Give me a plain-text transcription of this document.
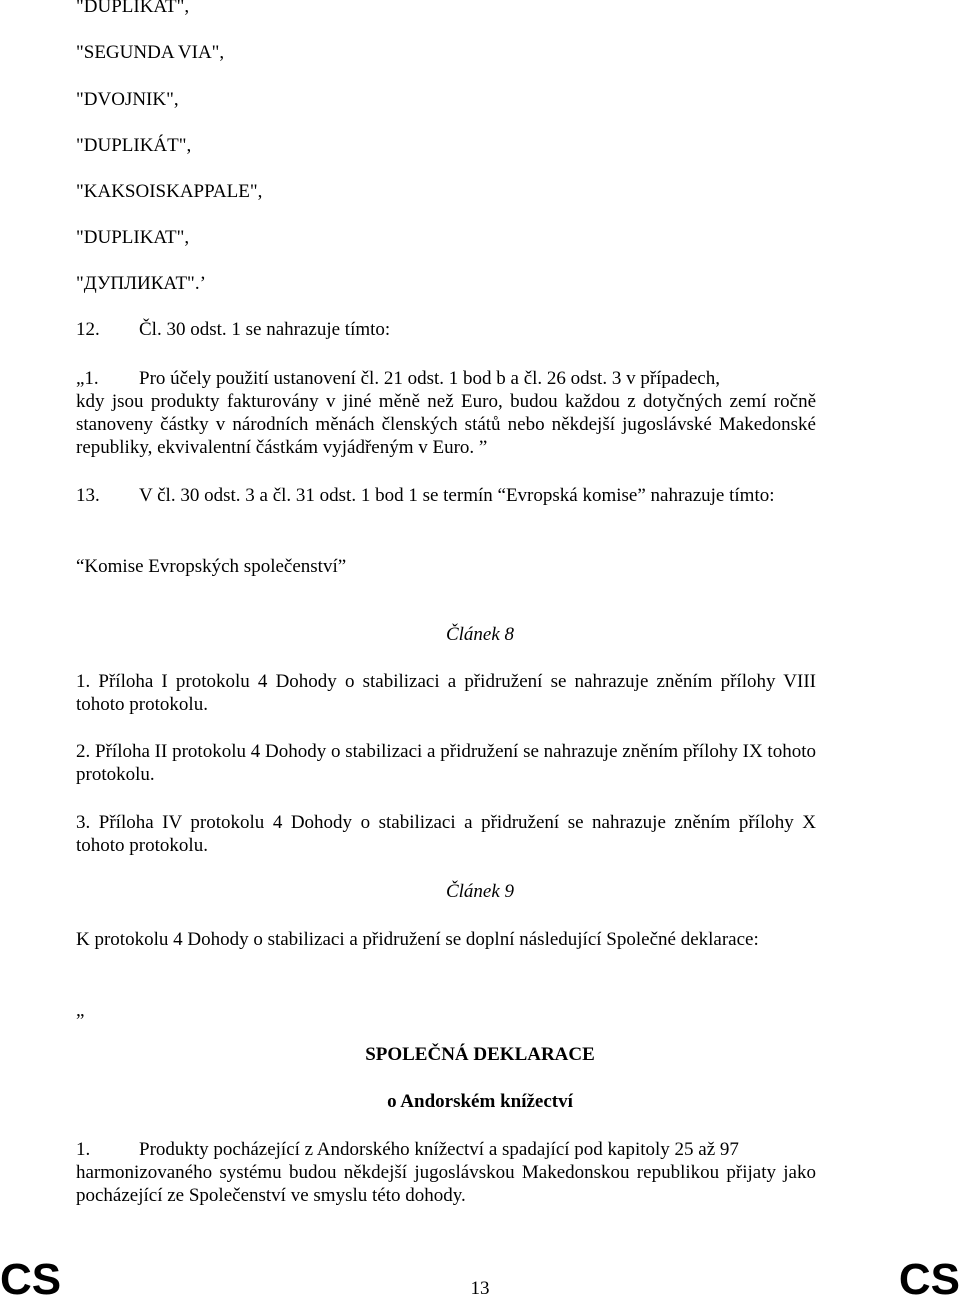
"DUPLIKAT",
"SEGUNDA VIA",
"DVOJNIK",
"DUPLIKÁT",
"KAKSOISKAPPALE",
"DUPLIKAT",
"ДУПЛИКАТ".’
12. Čl. 30 odst. 1 se nahrazuje tímto:
„1. Pro účely použití ustanovení čl. 21 odst. 1 bod b a čl. 26 odst. 3 v případech,
kdy jsou produkty fakturovány v jiné měně než Euro, budou každou z dotyčných zemí ročně stanoveny částky v národních měnách členských států nebo někdejší jugoslávské Makedonské republiky, ekvivalentní částkám vyjádřeným v Euro. ”
13. V čl. 30 odst. 3 a čl. 31 odst. 1 bod 1 se termín “Evropská komise” nahrazuje tímto:
“Komise Evropských společenství”
Článek 8
1. Příloha I protokolu 4 Dohody o stabilizaci a přidružení se nahrazuje zněním přílohy VIII tohoto protokolu.
2. Příloha II protokolu 4 Dohody o stabilizaci a přidružení se nahrazuje zněním přílohy IX tohoto protokolu.
3. Příloha IV protokolu 4 Dohody o stabilizaci a přidružení se nahrazuje zněním přílohy X tohoto protokolu.
Článek 9
K protokolu 4 Dohody o stabilizaci a přidružení se doplní následující Společné deklarace:
„
SPOLEČNÁ DEKLARACE
o Andorském knížectví
1.	Produkty pocházející z Andorského knížectví a spadající pod kapitoly 25 až 97
harmonizovaného systému budou někdejší jugoslávskou Makedonskou republikou přijaty jako pocházející ze Společenství ve smyslu této dohody.
CS	13	CS
